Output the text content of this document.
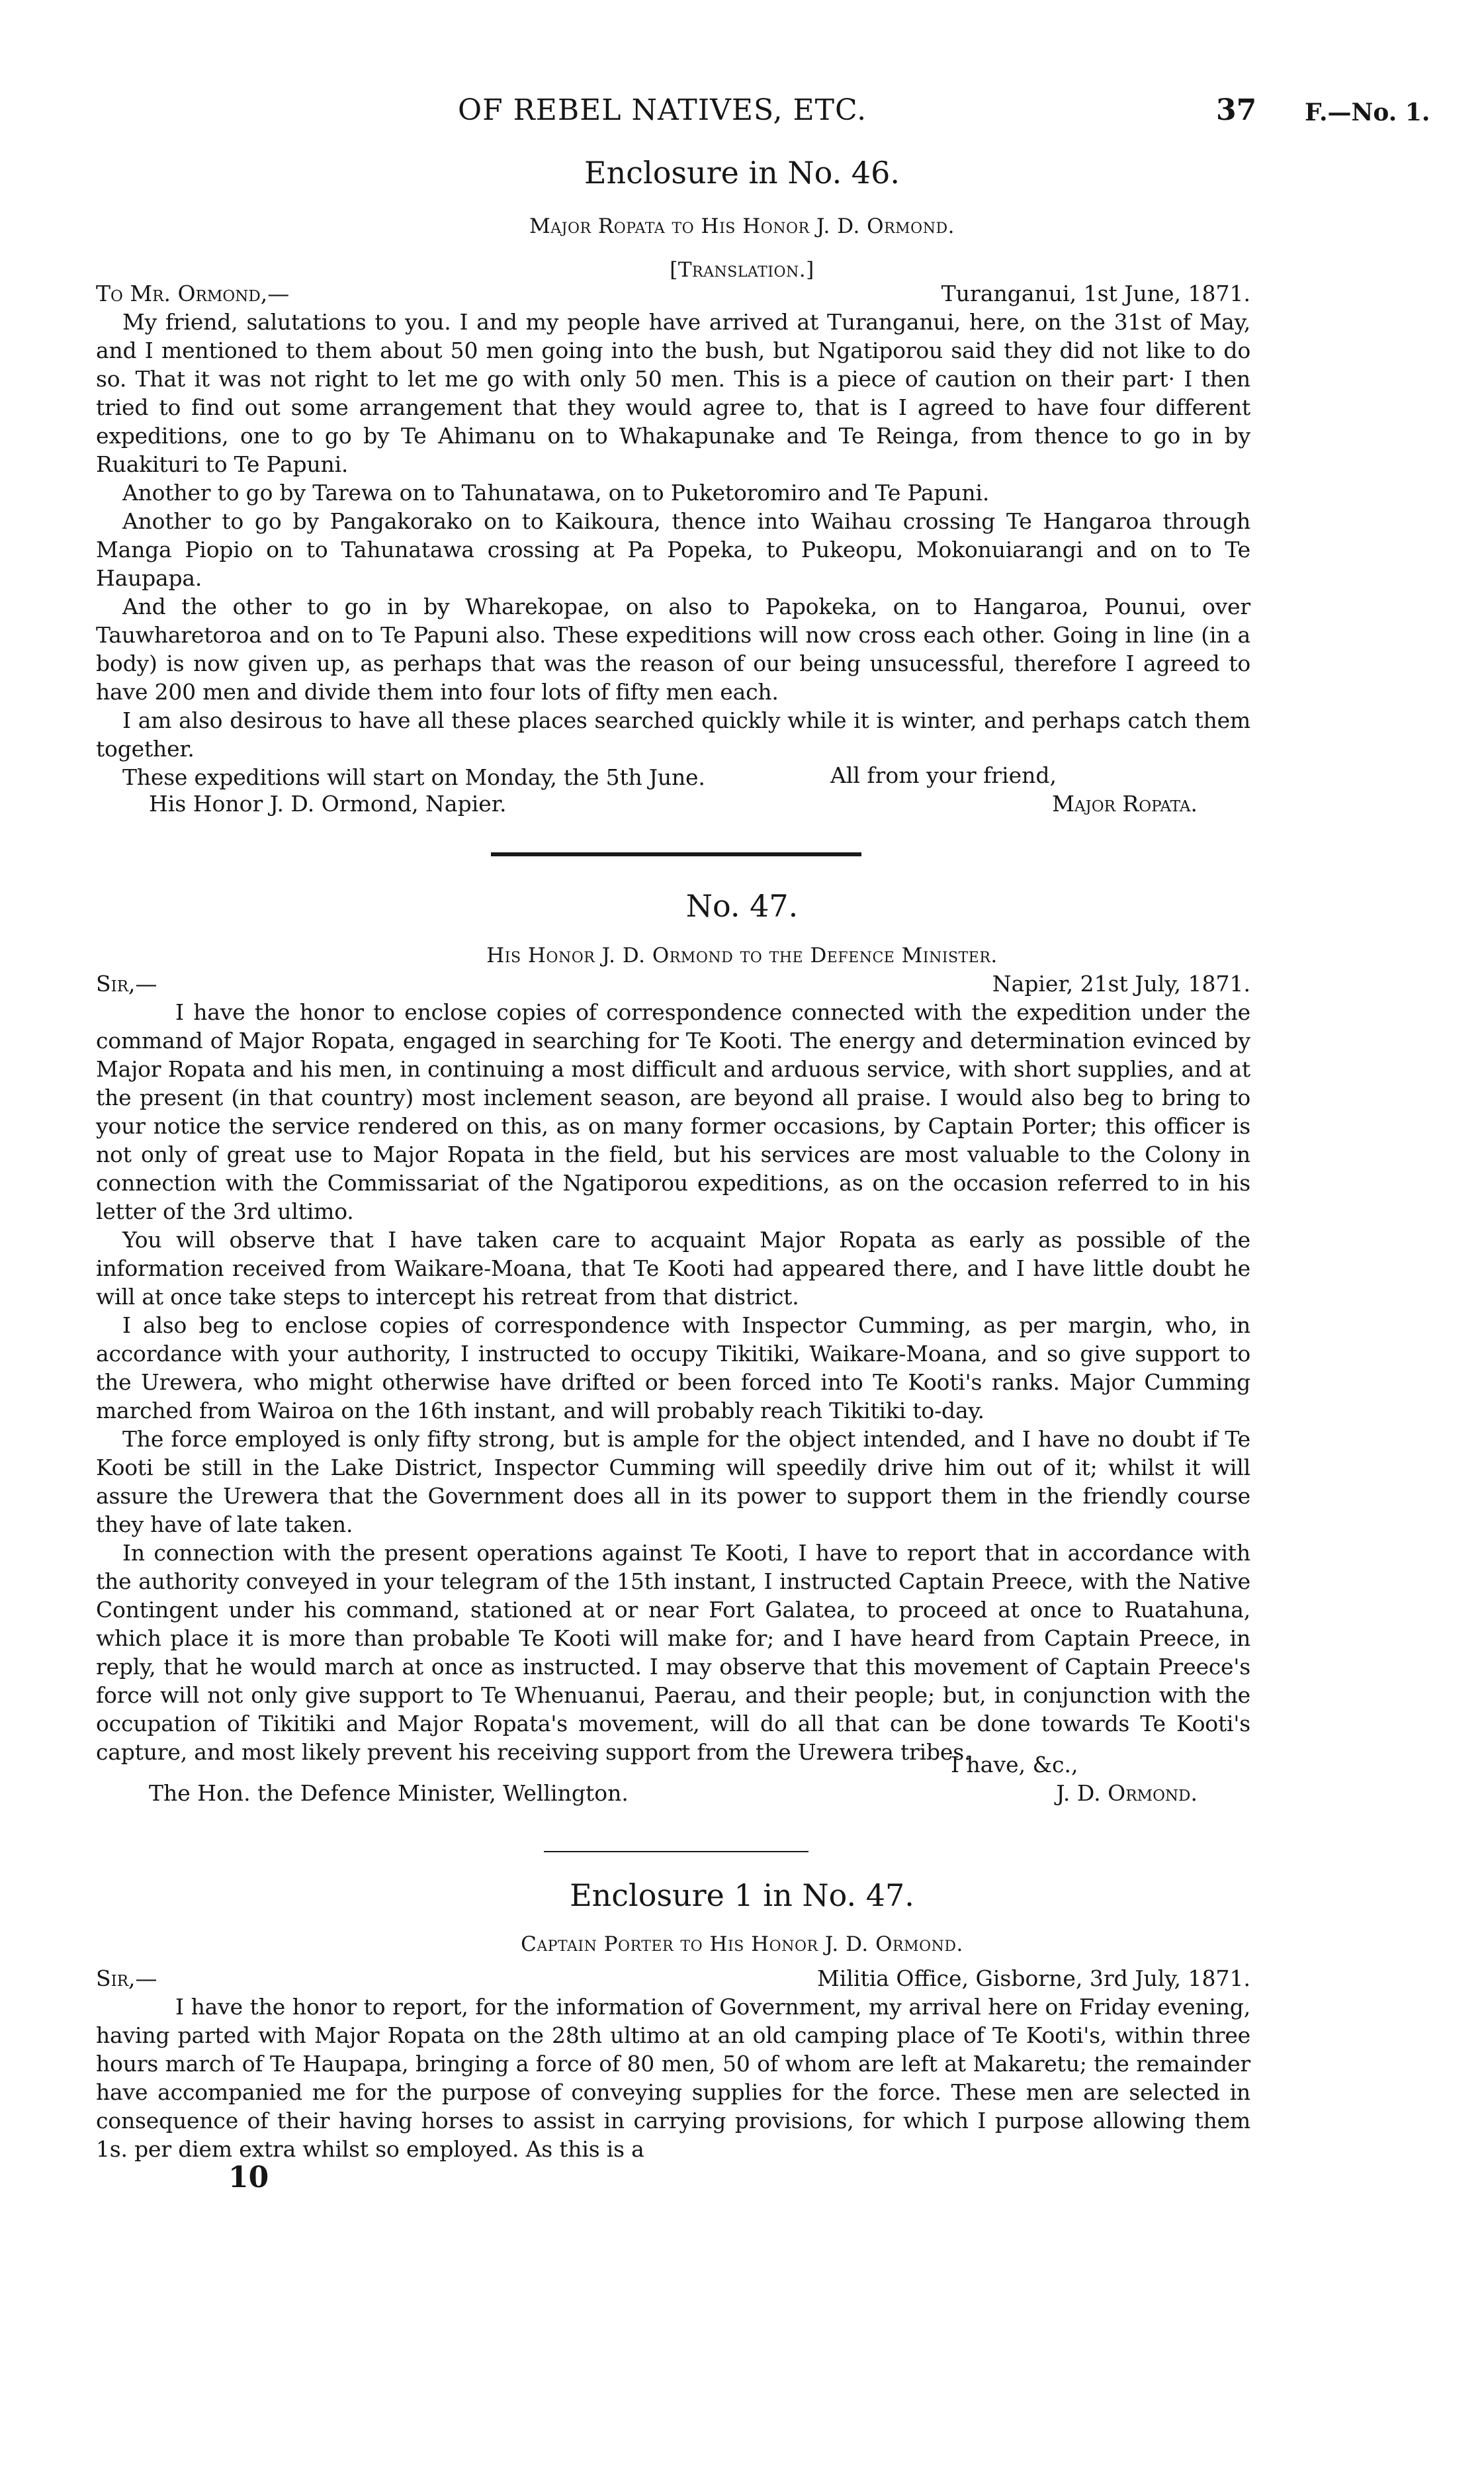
OF REBEL NATIVES, ETC.	37 F.—No. 1.
Enclosure in No. 46.
Major Ropata to His Honor J. D. Ormond.
[Translation.]
To Mr. Ormond,—	Turanganui, 1st June, 1871.

My friend, salutations to you. I and my people have arrived at Turanganui, here, on the 31st of May, and I mentioned to them about 50 men going into the bush, but Ngatiporou said they did not like to do so. That it was not right to let me go with only 50 men. This is a piece of caution on their part· I then tried to find out some arrangement that they would agree to, that is I agreed to have four different expeditions, one to go by Te Ahimanu on to Whakapunake and Te Reinga, from thence to go in by Ruakituri to Te Papuni.

Another to go by Tarewa on to Tahunatawa, on to Puketoromiro and Te Papuni.

Another to go by Pangakorako on to Kaikoura, thence into Waihau crossing Te Hangaroa through Manga Piopio on to Tahunatawa crossing at Pa Popeka, to Pukeopu, Mokonuiarangi and on to Te Haupapa.

And the other to go in by Wharekopae, on also to Papokeka, on to Hangaroa, Pounui, over Tauwharetoroa and on to Te Papuni also. These expeditions will now cross each other. Going in line (in a body) is now given up, as perhaps that was the reason of our being unsucessful, therefore I agreed to have 200 men and divide them into four lots of fifty men each.

I am also desirous to have all these places searched quickly while it is winter, and perhaps catch them together.

These expeditions will start on Monday, the 5th June.	All from your friend,
His Honor J. D. Ormond, Napier.	Major Ropata.
No. 47.
His Honor J. D. Ormond to the Defence Minister.
Sir,—	Napier, 21st July, 1871.

I have the honor to enclose copies of correspondence connected with the expedition under the command of Major Ropata, engaged in searching for Te Kooti. The energy and determination evinced by Major Ropata and his men, in continuing a most difficult and arduous service, with short supplies, and at the present (in that country) most inclement season, are beyond all praise. I would also beg to bring to your notice the service rendered on this, as on many former occasions, by Captain Porter; this officer is not only of great use to Major Ropata in the field, but his services are most valuable to the Colony in connection with the Commissariat of the Ngatiporou expeditions, as on the occasion referred to in his letter of the 3rd ultimo.

You will observe that I have taken care to acquaint Major Ropata as early as possible of the information received from Waikare-Moana, that Te Kooti had appeared there, and I have little doubt he will at once take steps to intercept his retreat from that district.

I also beg to enclose copies of correspondence with Inspector Cumming, as per margin, who, in accordance with your authority, I instructed to occupy Tikitiki, Waikare-Moana, and so give support to the Urewera, who might otherwise have drifted or been forced into Te Kooti's ranks. Major Cumming marched from Wairoa on the 16th instant, and will probably reach Tikitiki to-day.

The force employed is only fifty strong, but is ample for the object intended, and I have no doubt if Te Kooti be still in the Lake District, Inspector Cumming will speedily drive him out of it; whilst it will assure the Urewera that the Government does all in its power to support them in the friendly course they have of late taken.

In connection with the present operations against Te Kooti, I have to report that in accordance with the authority conveyed in your telegram of the 15th instant, I instructed Captain Preece, with the Native Contingent under his command, stationed at or near Fort Galatea, to proceed at once to Ruatahuna, which place it is more than probable Te Kooti will make for; and I have heard from Captain Preece, in reply, that he would march at once as instructed. I may observe that this movement of Captain Preece's force will not only give support to Te Whenuanui, Paerau, and their people; but, in conjunction with the occupation of Tikitiki and Major Ropata's movement, will do all that can be done towards Te Kooti's capture, and most likely prevent his receiving support from the Urewera tribes.

I have, &c.,
The Hon. the Defence Minister, Wellington.	J. D. Ormond.
Enclosure 1 in No. 47.
Captain Porter to His Honor J. D. Ormond.
Sir,—	Militia Office, Gisborne, 3rd July, 1871.

I have the honor to report, for the information of Government, my arrival here on Friday evening, having parted with Major Ropata on the 28th ultimo at an old camping place of Te Kooti's, within three hours march of Te Haupapa, bringing a force of 80 men, 50 of whom are left at Makaretu; the remainder have accompanied me for the purpose of conveying supplies for the force. These men are selected in consequence of their having horses to assist in carrying provisions, for which I purpose allowing them 1s. per diem extra whilst so employed. As this is a

10
